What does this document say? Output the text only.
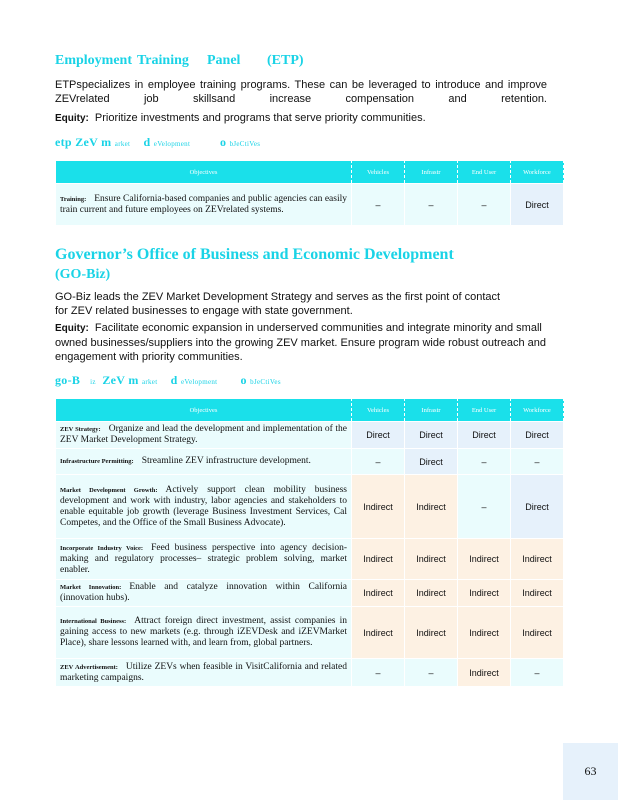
Employment Training Panel (ETP)

ETPspecializes in employee training programs. These can be leveraged to introduce and improve ZEVrelated job skillsand increase compensation and retention.

Equity: Prioritize investments and programs that serve priority communities.

etp ZeV m arket d eVelopment o bJeCtiVes
Objectives	Vehicles	Infrastr	End User	Workforce
Training: Ensure California-based companies and public agencies can easily train current and future employees on ZEVrelated systems.	–	–	–	Direct
Governor’s Office of Business and Economic Development
(GO-Biz)

GO-Biz leads the ZEV Market Development Strategy and serves as the first point of contact for ZEV related businesses to engage with state government.

Equity: Facilitate economic expansion in underserved communities and integrate minority and small owned businesses/suppliers into the growing ZEV market. Ensure program wide robust outreach and engagement with priority communities.

go-B iz ZeV m arket d eVelopment o bJeCtiVes
Objectives	Vehicles	Infrastr	End User	Workforce
ZEV Strategy: Organize and lead the development and implementation of the ZEV Market Development Strategy.	Direct	Direct	Direct	Direct
Infrastructure Permitting: Streamline ZEV infrastructure development.	–	Direct	–	–
Market Development Growth: Actively support clean mobility business development and work with industry, labor agencies and stakeholders to enable equitable job growth (leverage Business Investment Services, Cal Competes, and the Office of the Small Business Advocate).	Indirect	Indirect	–	Direct
Incorporate Industry Voice: Feed business perspective into agency decision-making and regulatory processes– strategic problem solving, market enabler.	Indirect	Indirect	Indirect	Indirect
Market Innovation: Enable and catalyze innovation within California (innovation hubs).	Indirect	Indirect	Indirect	Indirect
International Business: Attract foreign direct investment, assist companies in gaining access to new markets (e.g. through iZEVDesk and iZEVMarket Place), share lessons learned with, and learn from, global partners.	Indirect	Indirect	Indirect	Indirect
ZEV Advertisement: Utilize ZEVs when feasible in VisitCalifornia and related marketing campaigns.	–	–	Indirect	–
63
